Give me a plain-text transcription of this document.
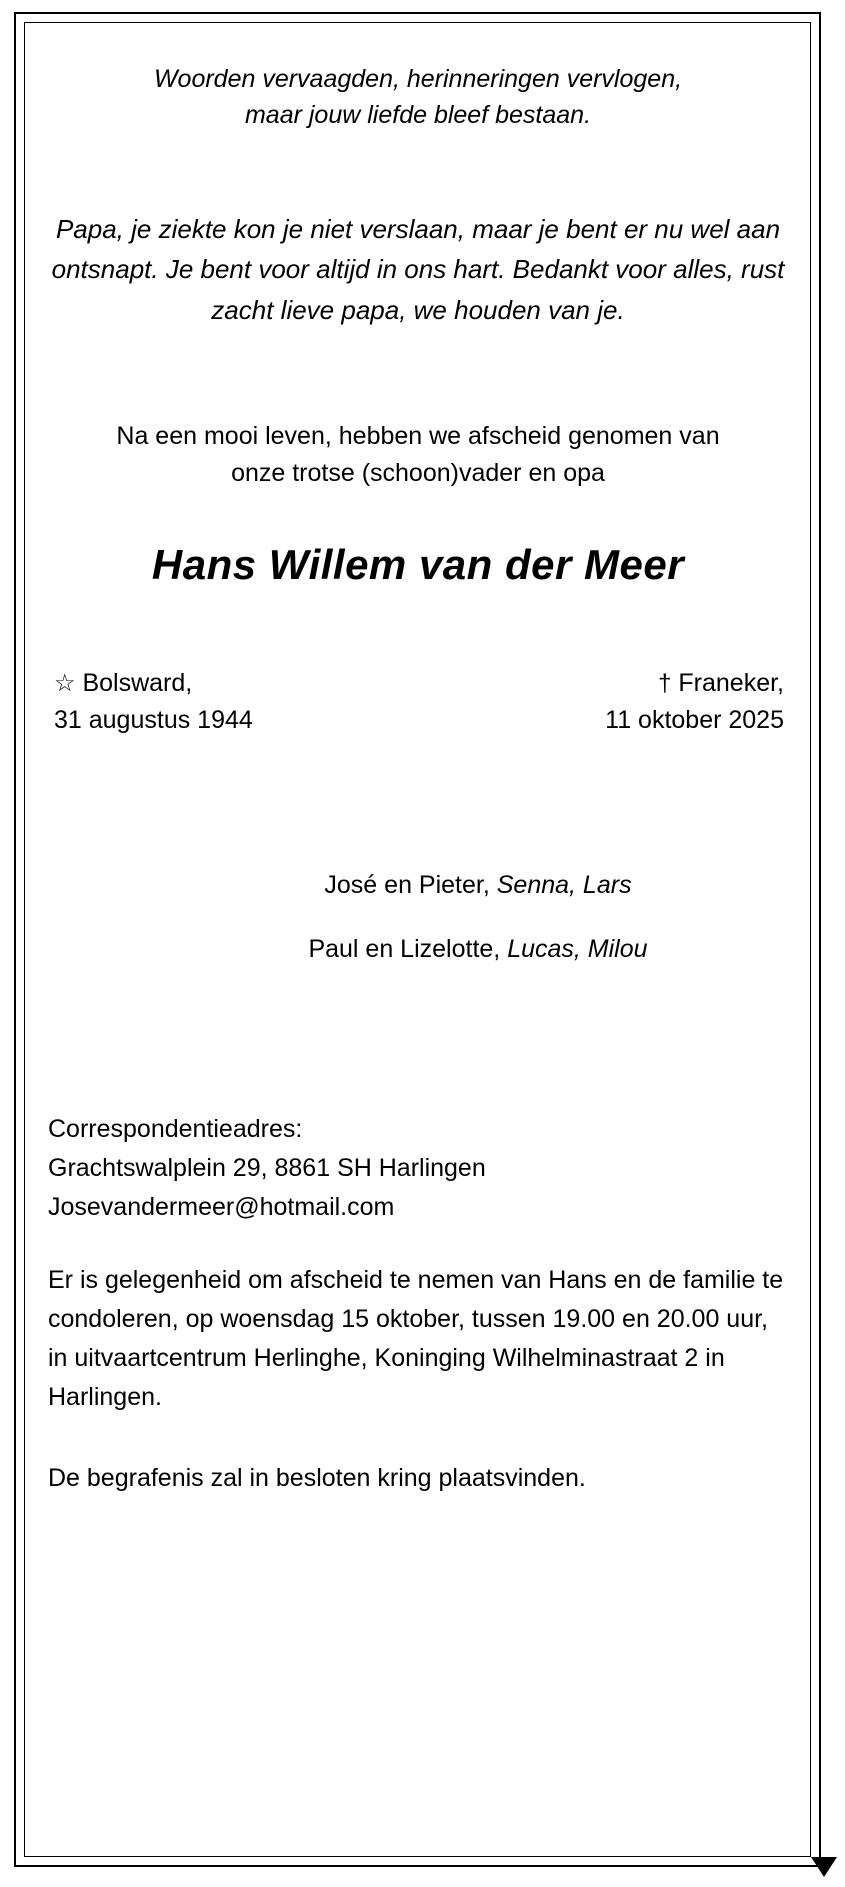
Woorden vervaagden, herinneringen vervlogen,
maar jouw liefde bleef bestaan.
Papa, je ziekte kon je niet verslaan, maar je bent er nu wel aan ontsnapt. Je bent voor altijd in ons hart. Bedankt voor alles, rust zacht lieve papa, we houden van je.
Na een mooi leven, hebben we afscheid genomen van
onze trotse (schoon)vader en opa
Hans Willem van der Meer
☆ Bolsward,
31 augustus 1944
† Franeker,
11 oktober 2025
José en Pieter, Senna, Lars
Paul en Lizelotte, Lucas, Milou
Correspondentieadres:
Grachtswalplein 29, 8861 SH Harlingen
Josevandermeer@hotmail.com
Er is gelegenheid om afscheid te nemen van Hans en de familie te condoleren, op woensdag 15 oktober, tussen 19.00 en 20.00 uur, in uitvaartcentrum Herlinghe, Koninging Wilhelminastraat 2 in Harlingen.
De begrafenis zal in besloten kring plaatsvinden.
